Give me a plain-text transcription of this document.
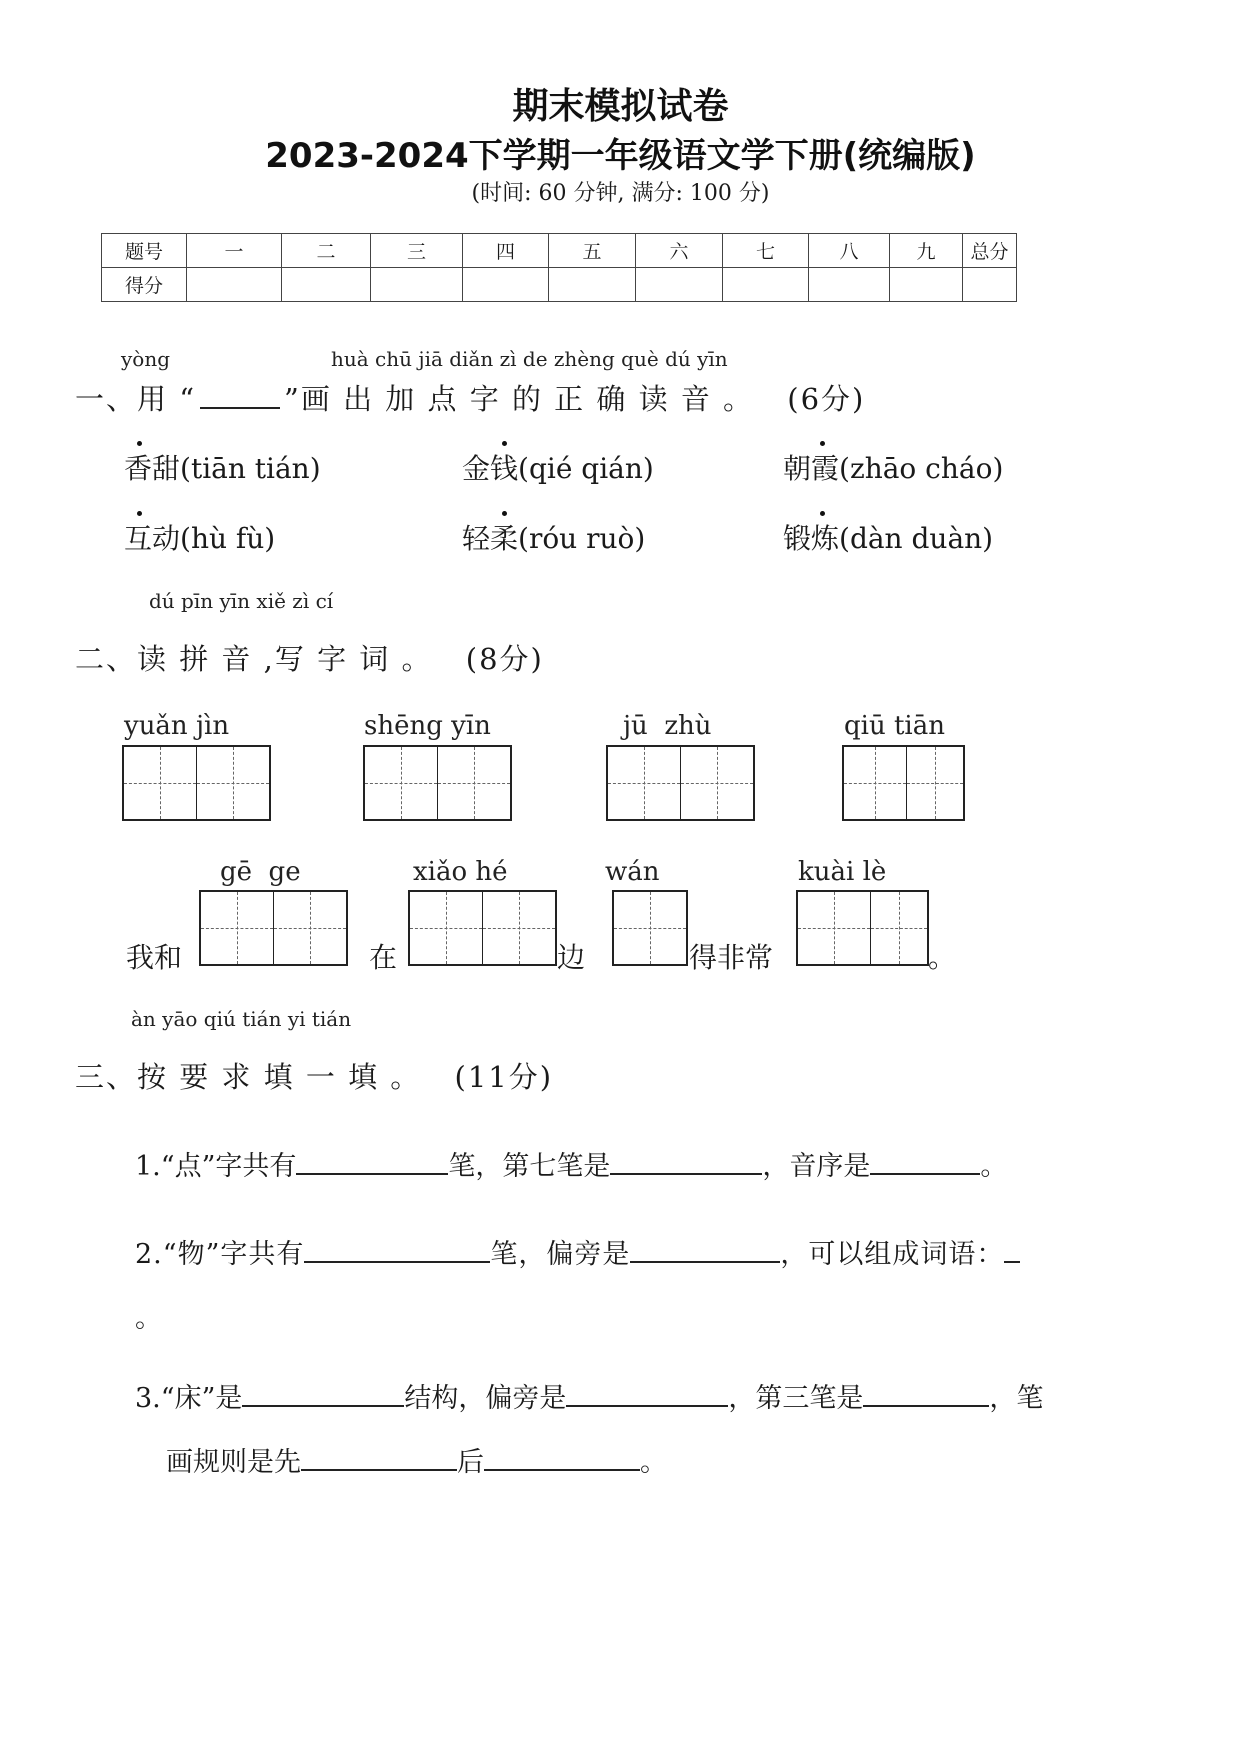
期末模拟试卷
2023-2024下学期一年级语文学下册(统编版)
(时间: 60 分钟, 满分: 100 分)
题号	一	二	三	四	五	六	七	八	九	总分
得分										
yòng	huà chū jiā diǎn zì de zhèng què dú yīn
一、用 “	”画 出 加 点 字 的 正 确 读 音 。 (6分)
香甜(tiān tián)	金钱(qié qián)	朝霞(zhāo cháo)
互动(hù fù)	轻柔(róu ruò)	锻炼(dàn duàn)
dú pīn yīn xiě zì cí
二、读 拼 音 ,写 字 词 。 (8分)
yuǎn jìn	shēng yīn	jū  zhù	qiū tiān
gē  ge	xiǎo hé	wán	kuài lè
我和	在	边	得非常	。
àn yāo qiú tián yi tián
三、按 要 求 填 一 填 。 (11分)
1.“点”字共有	笔，第七笔是	，音序是	。
2.“物”字共有	笔，偏旁是	，可以组成词语：
。
3.“床”是	结构，偏旁是	，第三笔是	，笔
画规则是先	后	。
